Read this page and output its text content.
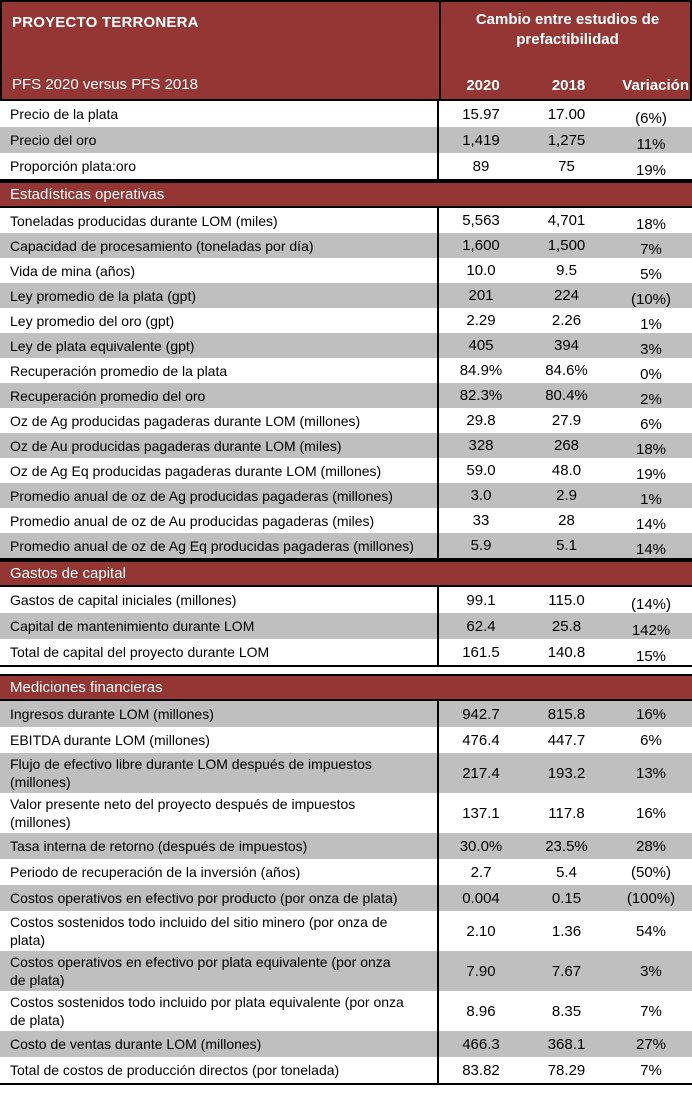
PROYECTO TERRONERA
PFS 2020 versus PFS 2018
Cambio entre estudios de
prefactibilidad
2020	2018	Variación
Precio de la plata	15.97	17.00	(6%)
Precio del oro	1,419	1,275	11%
Proporción plata:oro	89	75	19%
Estadísticas operativas
Toneladas producidas durante LOM (miles)	5,563	4,701	18%
Capacidad de procesamiento (toneladas por día)	1,600	1,500	7%
Vida de mina (años)	10.0	9.5	5%
Ley promedio de la plata (gpt)	201	224	(10%)
Ley promedio del oro (gpt)	2.29	2.26	1%
Ley de plata equivalente (gpt)	405	394	3%
Recuperación promedio de la plata	84.9%	84.6%	0%
Recuperación promedio del oro	82.3%	80.4%	2%
Oz de Ag producidas pagaderas durante LOM (millones)	29.8	27.9	6%
Oz de Au producidas pagaderas durante LOM (miles)	328	268	18%
Oz de Ag Eq producidas pagaderas durante LOM (millones)	59.0	48.0	19%
Promedio anual de oz de Ag producidas pagaderas (millones)	3.0	2.9	1%
Promedio anual de oz de Au producidas pagaderas (miles)	33	28	14%
Promedio anual de oz de Ag Eq producidas pagaderas (millones)	5.9	5.1	14%
Gastos de capital
Gastos de capital iniciales (millones)	99.1	115.0	(14%)
Capital de mantenimiento durante LOM	62.4	25.8	142%
Total de capital del proyecto durante LOM	161.5	140.8	15%
Mediciones financieras
Ingresos durante LOM (millones)	942.7	815.8	16%
EBITDA durante LOM (millones)	476.4	447.7	6%
Flujo de efectivo libre durante LOM después de impuestos
(millones)
217.4	193.2	13%
Valor presente neto del proyecto después de impuestos
(millones)
137.1	117.8	16%
Tasa interna de retorno (después de impuestos)	30.0%	23.5%	28%
Periodo de recuperación de la inversión (años)	2.7	5.4	(50%)
Costos operativos en efectivo por producto (por onza de plata)	0.004	0.15	(100%)
Costos sostenidos todo incluido del sitio minero (por onza de
plata)
2.10	1.36	54%
Costos operativos en efectivo por plata equivalente (por onza
de plata)
7.90	7.67	3%
Costos sostenidos todo incluido por plata equivalente (por onza
de plata)
8.96	8.35	7%
Costo de ventas durante LOM (millones)	466.3	368.1	27%
Total de costos de producción directos (por tonelada)	83.82	78.29	7%
